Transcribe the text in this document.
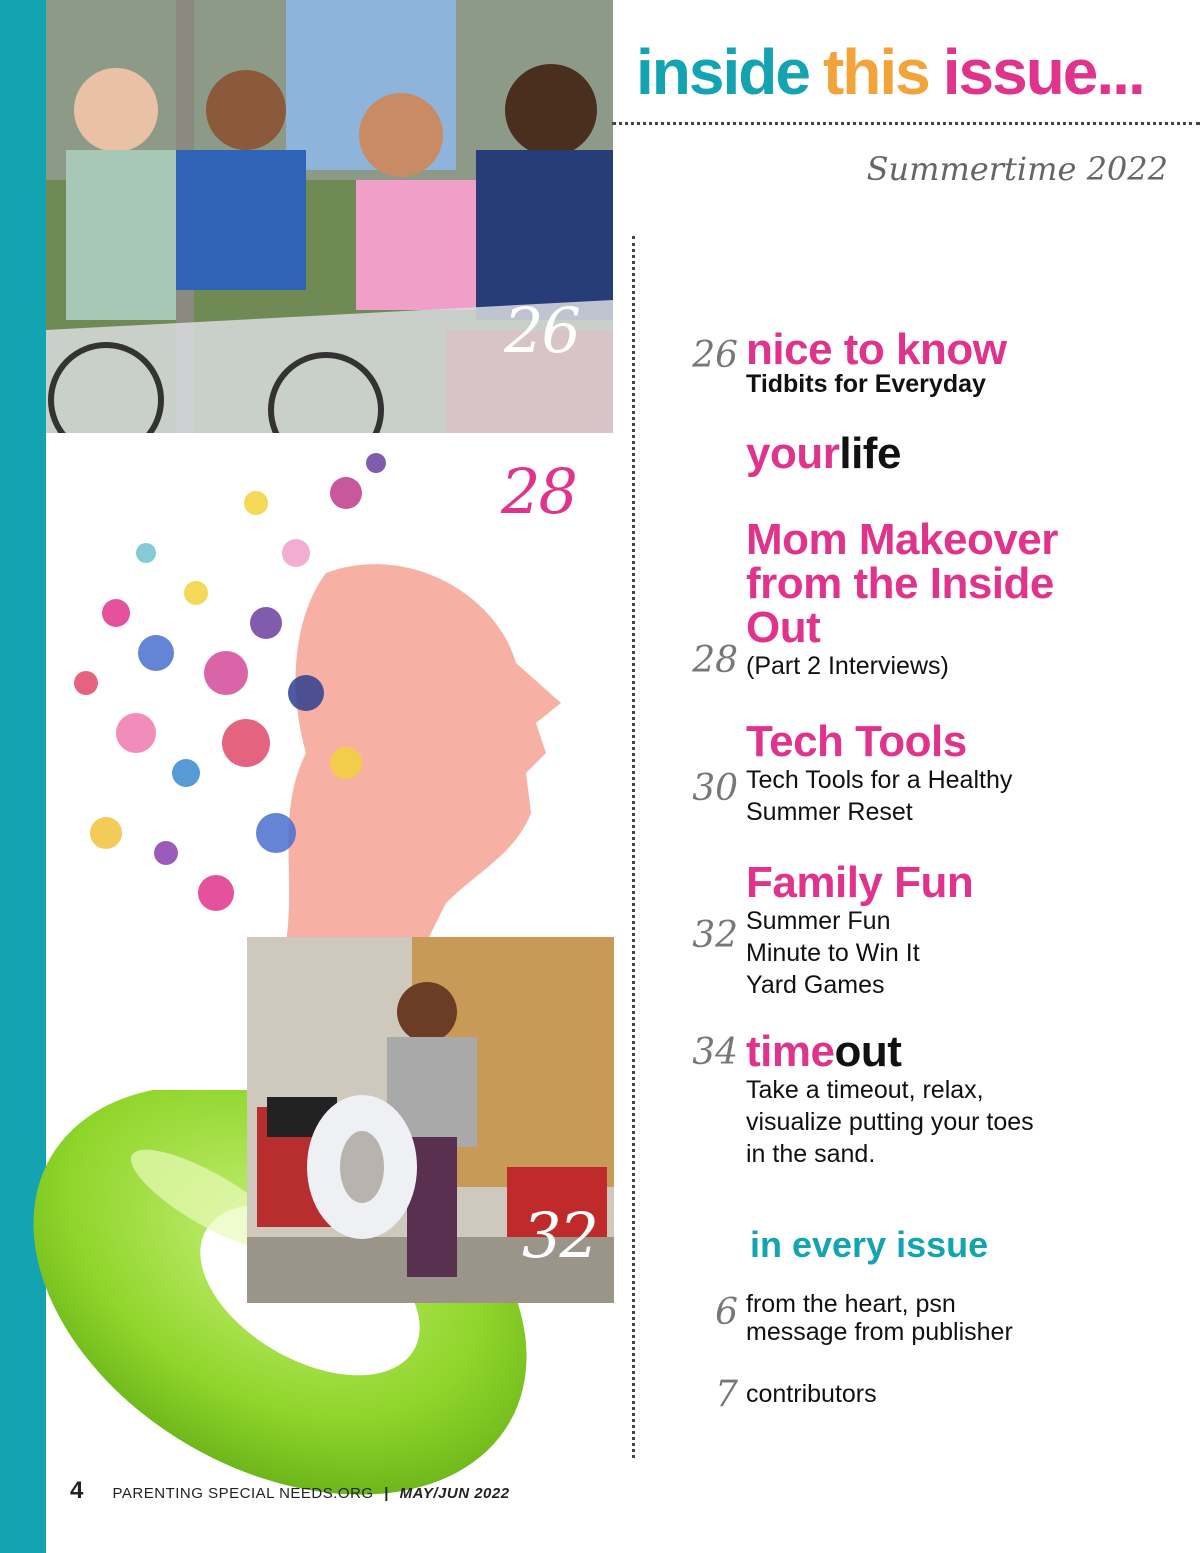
26
28
32
inside this issue...
Summertime 2022
26 nice to know
Tidbits for Everyday
yourlife
Mom Makeover
from the Inside
Out
(Part 2 Interviews)
28
Tech Tools
Tech Tools for a Healthy
Summer Reset
30
Family Fun
Summer Fun
Minute to Win It
Yard Games
32
34 timeout
Take a timeout, relax,
visualize putting your toes
in the sand.
in every issue
6 from the heart, psn
message from publisher
7 contributors
4 PARENTING SPECIAL NEEDS.ORG | MAY/JUN 2022
